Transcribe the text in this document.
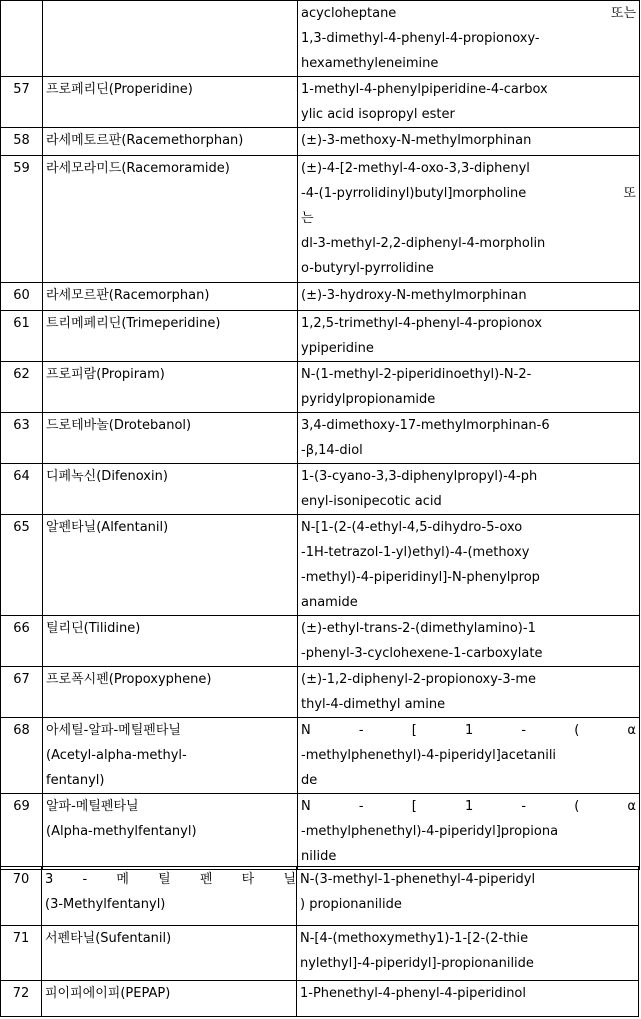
		acycloheptane 또는
1,3-dimethyl-4-phenyl-4-propionoxy-
hexamethyleneimine

57	프로페리딘(Properidine)	1-methyl-4-phenylpiperidine-4-carbox
ylic acid isopropyl ester

58	라세메토르판(Racemethorphan)	(±)-3-methoxy-N-methylmorphinan

59	라세모라미드(Racemoramide)	(±)-4-[2-methyl-4-oxo-3,3-diphenyl
-4-(1-pyrrolidinyl)butyl]morpholine 또
는
dl-3-methyl-2,2-diphenyl-4-morpholin
o-butyryl-pyrrolidine

60	라세모르판(Racemorphan)	(±)-3-hydroxy-N-methylmorphinan

61	트리메페리딘(Trimeperidine)	1,2,5-trimethyl-4-phenyl-4-propionox
ypiperidine

62	프로피람(Propiram)	N-(1-methyl-2-piperidinoethyl)-N-2-
pyridylpropionamide

63	드로테바놀(Drotebanol)	3,4-dimethoxy-17-methylmorphinan-6
-β,14-diol

64	디페녹신(Difenoxin)	1-(3-cyano-3,3-diphenylpropyl)-4-ph
enyl-isonipecotic acid

65	알펜타닐(Alfentanil)	N-[1-(2-(4-ethyl-4,5-dihydro-5-oxo
-1H-tetrazol-1-yl)ethyl)-4-(methoxy
-methyl)-4-piperidinyl]-N-phenylprop
anamide

66	틸리딘(Tilidine)	(±)-ethyl-trans-2-(dimethylamino)-1
-phenyl-3-cyclohexene-1-carboxylate

67	프로폭시펜(Propoxyphene)	(±)-1,2-diphenyl-2-propionoxy-3-me
thyl-4-dimethyl amine

68	아세틸-알파-메틸펜타닐
(Acetyl-alpha-methyl-
fentanyl)	N - [ 1 - ( α
-methylphenethyl)-4-piperidyl]acetanili
de

69	알파-메틸펜타닐
(Alpha-methylfentanyl)	N - [ 1 - ( α
-methylphenethyl)-4-piperidyl]propiona
nilide
70	3 - 메 틸 펜 타 닐
(3-Methylfentanyl)	N-(3-methyl-1-phenethyl-4-piperidyl
) propionanilide

71	서펜타닐(Sufentanil)	N-[4-(methoxymethy1)-1-[2-(2-thie
nylethyl]-4-piperidyl]-propionanilide

72	피이피에이피(PEPAP)	1-Phenethyl-4-phenyl-4-piperidinol
